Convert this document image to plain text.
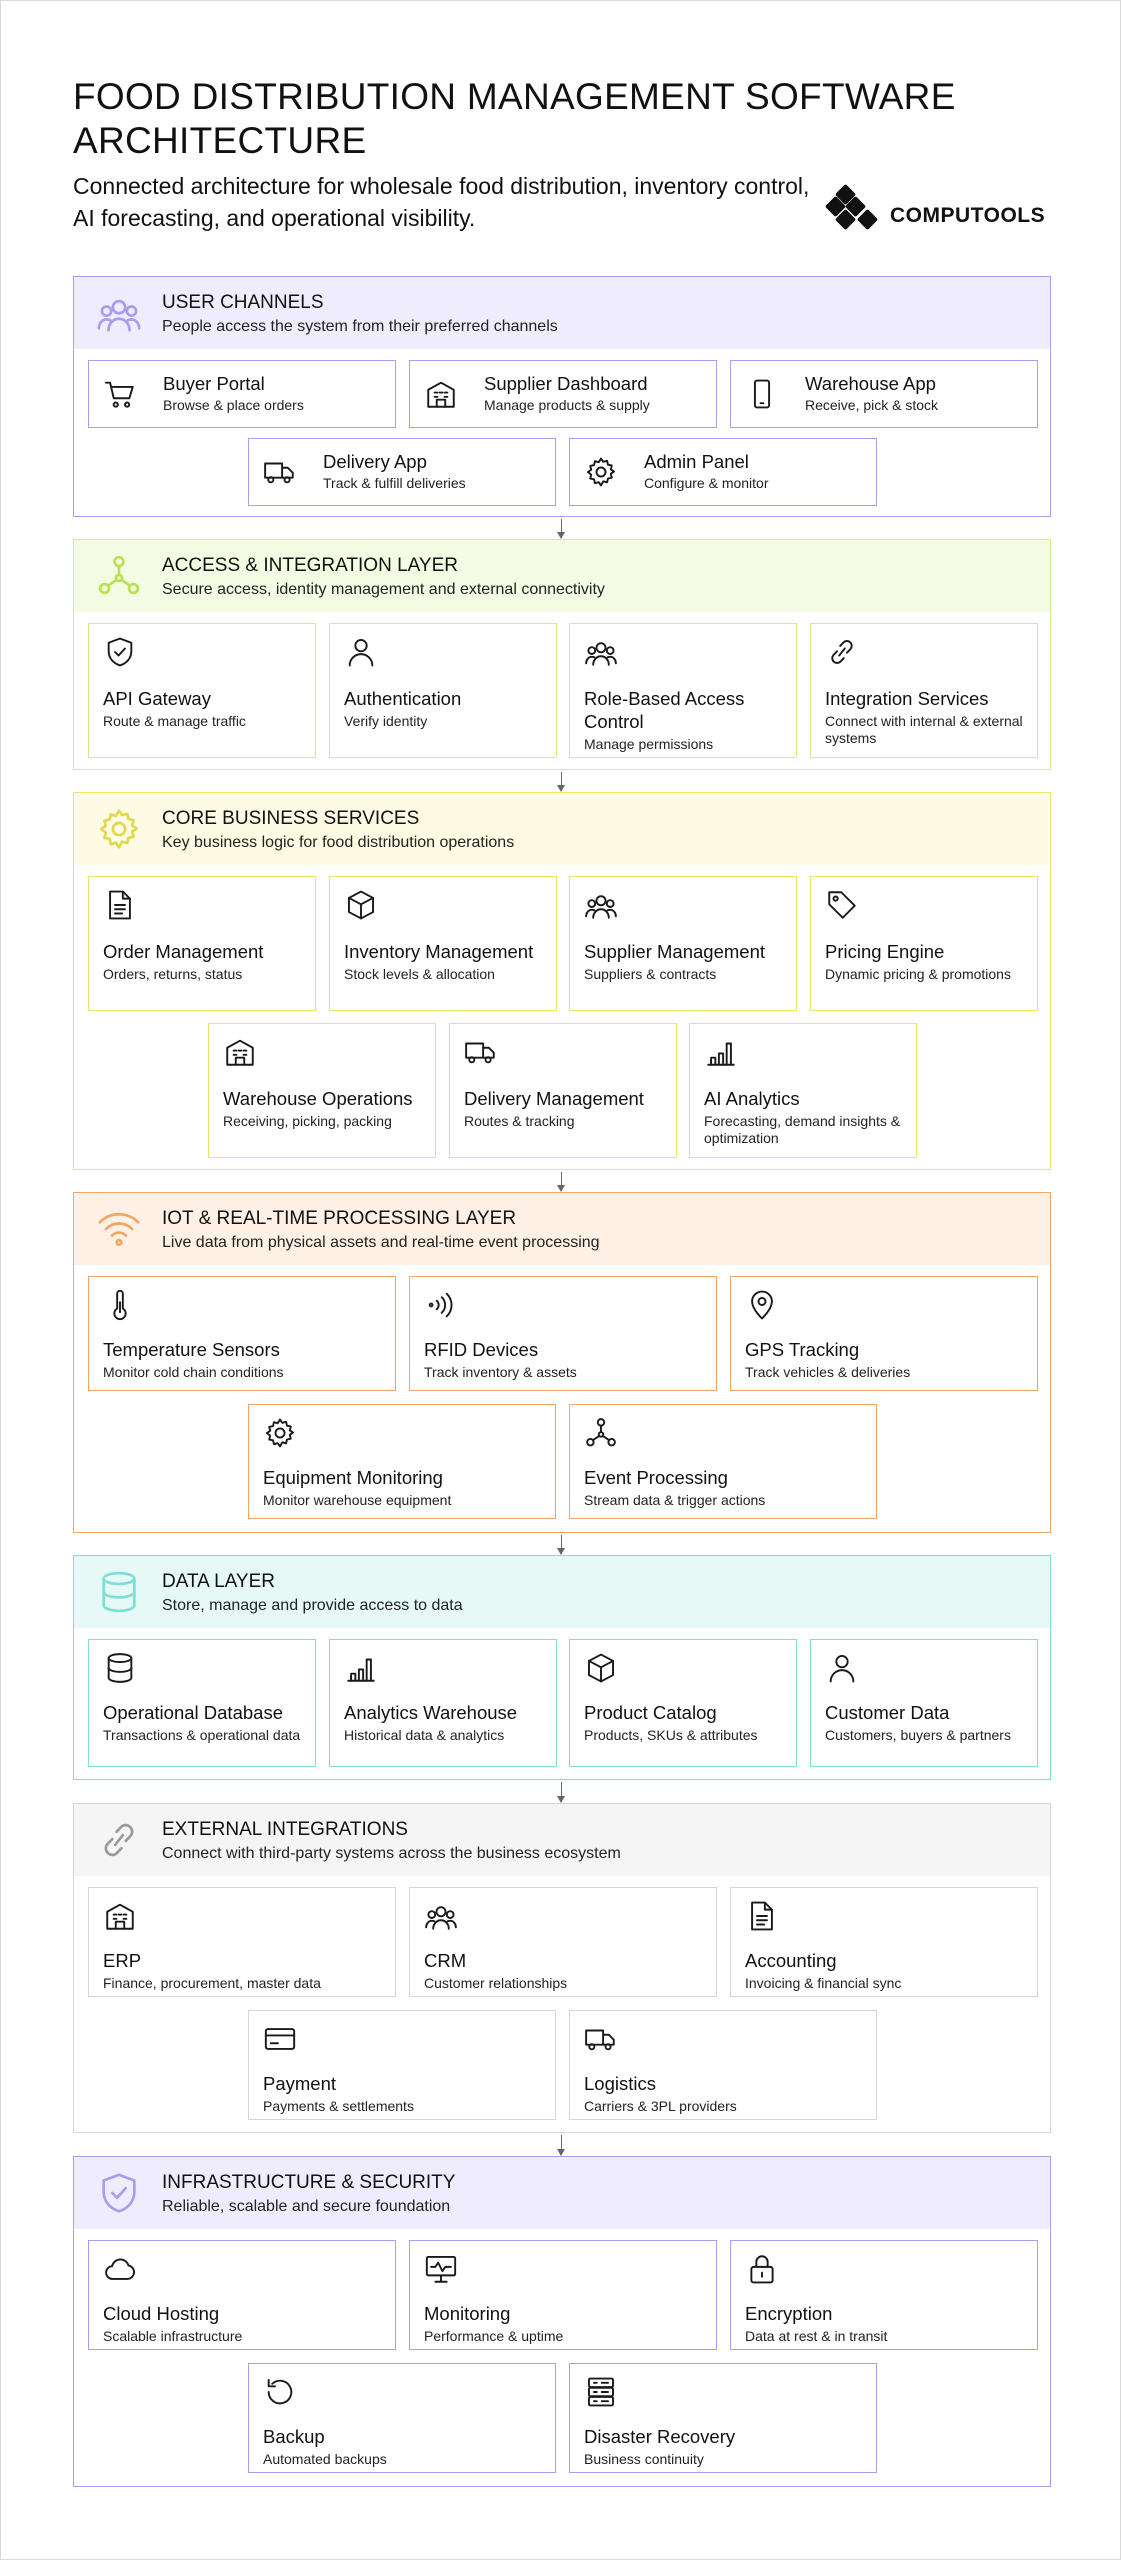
FOOD DISTRIBUTION MANAGEMENT SOFTWARE ARCHITECTURE

Connected architecture for wholesale food distribution, inventory control, AI forecasting, and operational visibility.	COMPUTOOLS
USER CHANNELS
People access the system from their preferred channels
Buyer Portal
Browse & place orders
Supplier Dashboard
Manage products & supply
Warehouse App
Receive, pick & stock
Delivery App
Track & fulfill deliveries
Admin Panel
Configure & monitor
ACCESS & INTEGRATION LAYER
Secure access, identity management and external connectivity
API Gateway
Route & manage traffic
Authentication
Verify identity
Role-Based Access Control
Manage permissions
Integration Services
Connect with internal & external systems
CORE BUSINESS SERVICES
Key business logic for food distribution operations
Order Management
Orders, returns, status
Inventory Management
Stock levels & allocation
Supplier Management
Suppliers & contracts
Pricing Engine
Dynamic pricing & promotions
Warehouse Operations
Receiving, picking, packing
Delivery Management
Routes & tracking
AI Analytics
Forecasting, demand insights & optimization
IOT & REAL-TIME PROCESSING LAYER
Live data from physical assets and real-time event processing
Temperature Sensors
Monitor cold chain conditions
RFID Devices
Track inventory & assets
GPS Tracking
Track vehicles & deliveries
Equipment Monitoring
Monitor warehouse equipment
Event Processing
Stream data & trigger actions
DATA LAYER
Store, manage and provide access to data
Operational Database
Transactions & operational data
Analytics Warehouse
Historical data & analytics
Product Catalog
Products, SKUs & attributes
Customer Data
Customers, buyers & partners
EXTERNAL INTEGRATIONS
Connect with third-party systems across the business ecosystem
ERP
Finance, procurement, master data
CRM
Customer relationships
Accounting
Invoicing & financial sync
Payment
Payments & settlements
Logistics
Carriers & 3PL providers
INFRASTRUCTURE & SECURITY
Reliable, scalable and secure foundation
Cloud Hosting
Scalable infrastructure
Monitoring
Performance & uptime
Encryption
Data at rest & in transit
Backup
Automated backups
Disaster Recovery
Business continuity
